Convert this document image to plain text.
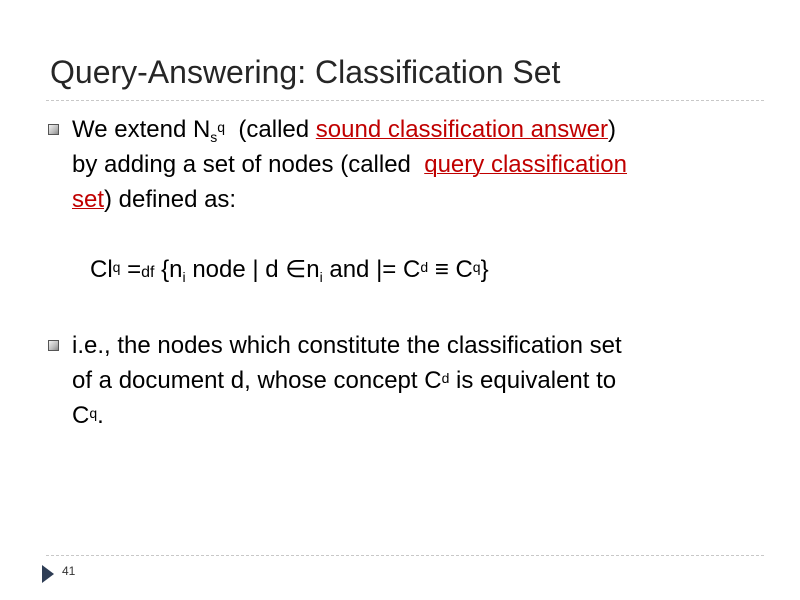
Query-Answering: Classification Set
We extend $N_s^q$  (called sound classification answer)
by adding a set of nodes (called  query classification
set) defined as:
$Cl^q =df$ {$n_i$ node | d $\in n_i$ and |= $C^d \equiv C^q$}
i.e., the nodes which constitute the classification set
of a document d, whose concept $C^d$ is equivalent to
$C^q$.
41
